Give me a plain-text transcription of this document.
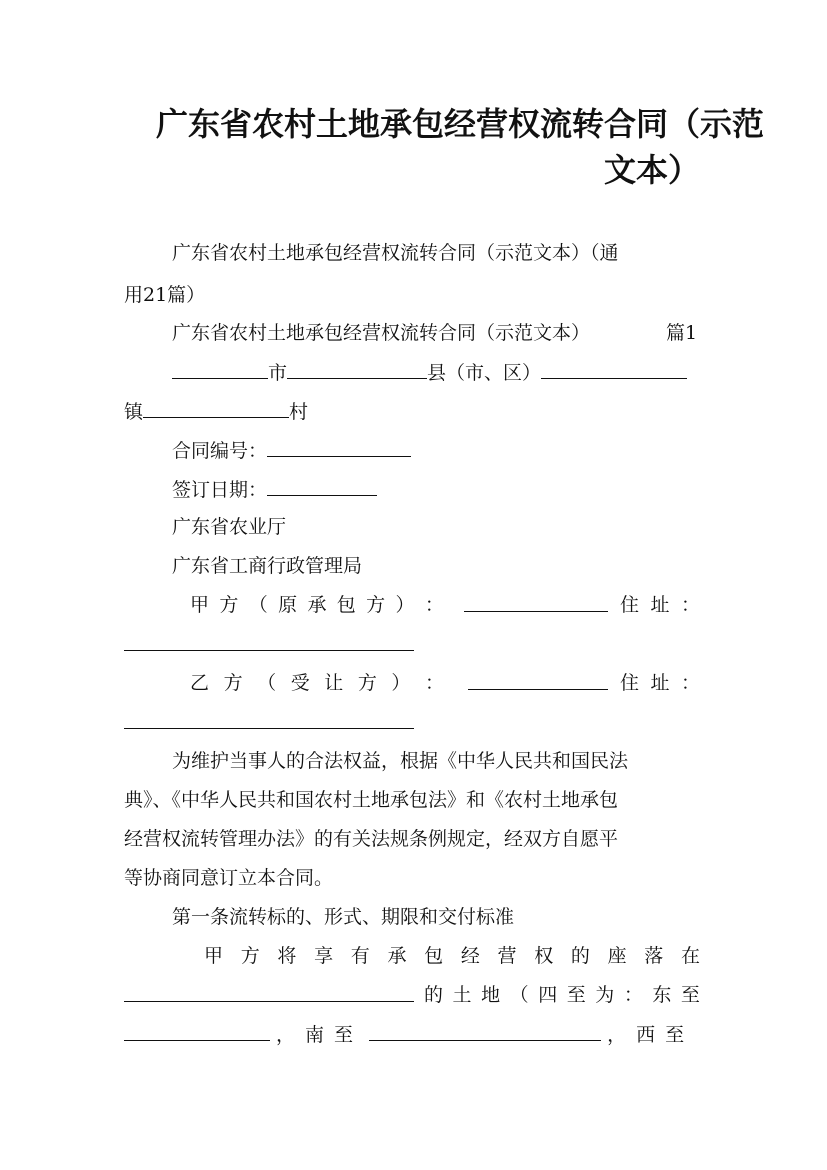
广东省农村土地承包经营权流转合同（示范
文本）
广东省农村土地承包经营权流转合同（示范文本）（通
用21篇）
广东省农村土地承包经营权流转合同（示范文本）	篇1
市	县（市、区）
镇	村
合同编号：
签订日期：
广东省农业厅
广东省工商行政管理局
甲 方 （ 原 承 包 方 ） ：	住 址 ：
乙 方 （ 受 让 方 ） ：	住 址 ：
为维护当事人的合法权益，根据《中华人民共和国民法
典》、《中华人民共和国农村土地承包法》和《农村土地承包
经营权流转管理办法》的有关法规条例规定，经双方自愿平
等协商同意订立本合同。
第一条流转标的、形式、期限和交付标准
甲 方 将 享 有 承 包 经 营 权 的 座 落 在
的 土 地 （ 四 至 为 ： 东 至
，南至	，西至
